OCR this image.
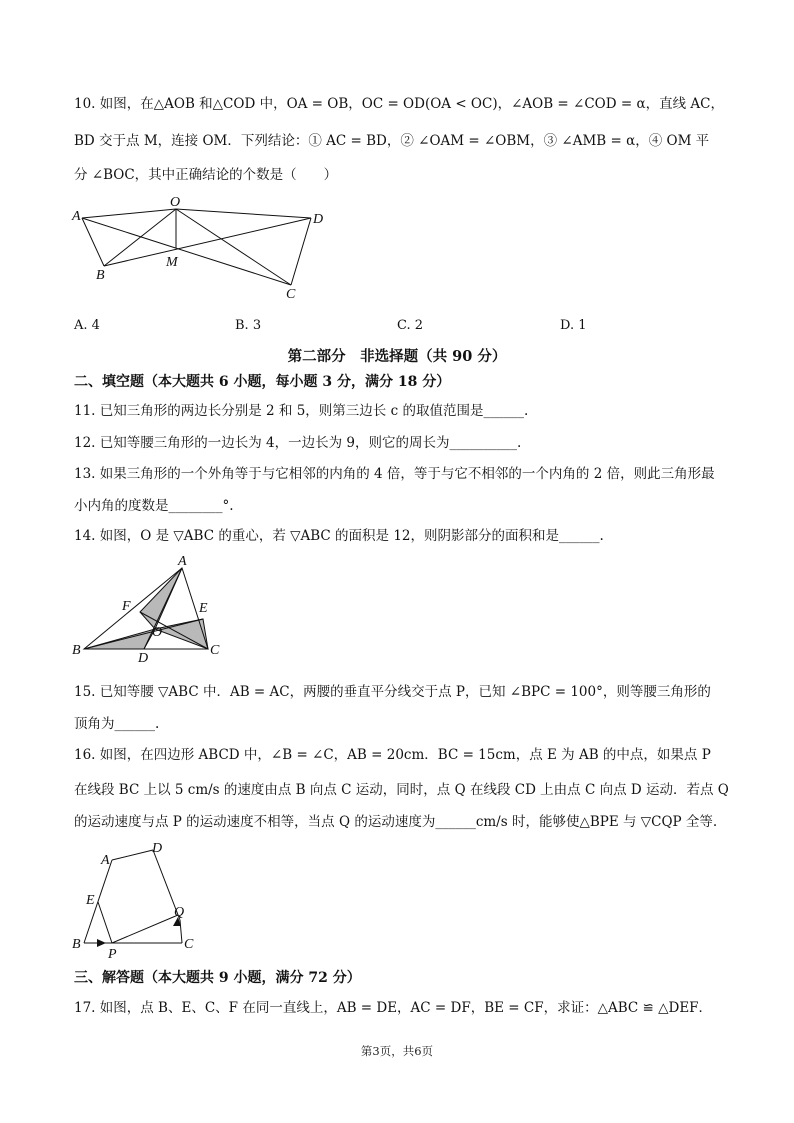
10. 如图，在△AOB 和△COD 中，OA = OB，OC = OD(OA < OC)，∠AOB = ∠COD = α，直线 AC，
BD 交于点 M，连接 OM．下列结论：① AC = BD，② ∠OAM = ∠OBM，③ ∠AMB = α，④ OM 平
分 ∠BOC，其中正确结论的个数是（　　）
O
A	D
B
M
C
A. 4	B. 3	C. 2	D. 1
第二部分　非选择题（共 90 分）
二、填空题（本大题共 6 小题，每小题 3 分，满分 18 分）
11. 已知三角形的两边长分别是 2 和 5，则第三边长 c 的取值范围是______.
12. 已知等腰三角形的一边长为 4，一边长为 9，则它的周长为__________.
13. 如果三角形的一个外角等于与它相邻的内角的 4 倍，等于与它不相邻的一个内角的 2 倍，则此三角形最
小内角的度数是________°.
14. 如图，O 是 ▽ABC 的重心，若 ▽ABC 的面积是 12，则阴影部分的面积和是______.
A
F	E
O
B
D
C
15. 已知等腰 ▽ABC 中．AB = AC，两腰的垂直平分线交于点 P，已知 ∠BPC = 100°，则等腰三角形的
顶角为______.
16. 如图，在四边形 ABCD 中，∠B = ∠C，AB = 20cm．BC = 15cm，点 E 为 AB 的中点，如果点 P
在线段 BC 上以 5 cm/s 的速度由点 B 向点 C 运动，同时，点 Q 在线段 CD 上由点 C 向点 D 运动．若点 Q
的运动速度与点 P 的运动速度不相等，当点 Q 的运动速度为______cm/s 时，能够使△BPE 与 ▽CQP 全等.
A
D
E
Q
B
P
C
三、解答题（本大题共 9 小题，满分 72 分）
17. 如图，点 B、E、C、F 在同一直线上，AB = DE，AC = DF，BE = CF，求证：△ABC ≌ △DEF．
第3页，共6页
